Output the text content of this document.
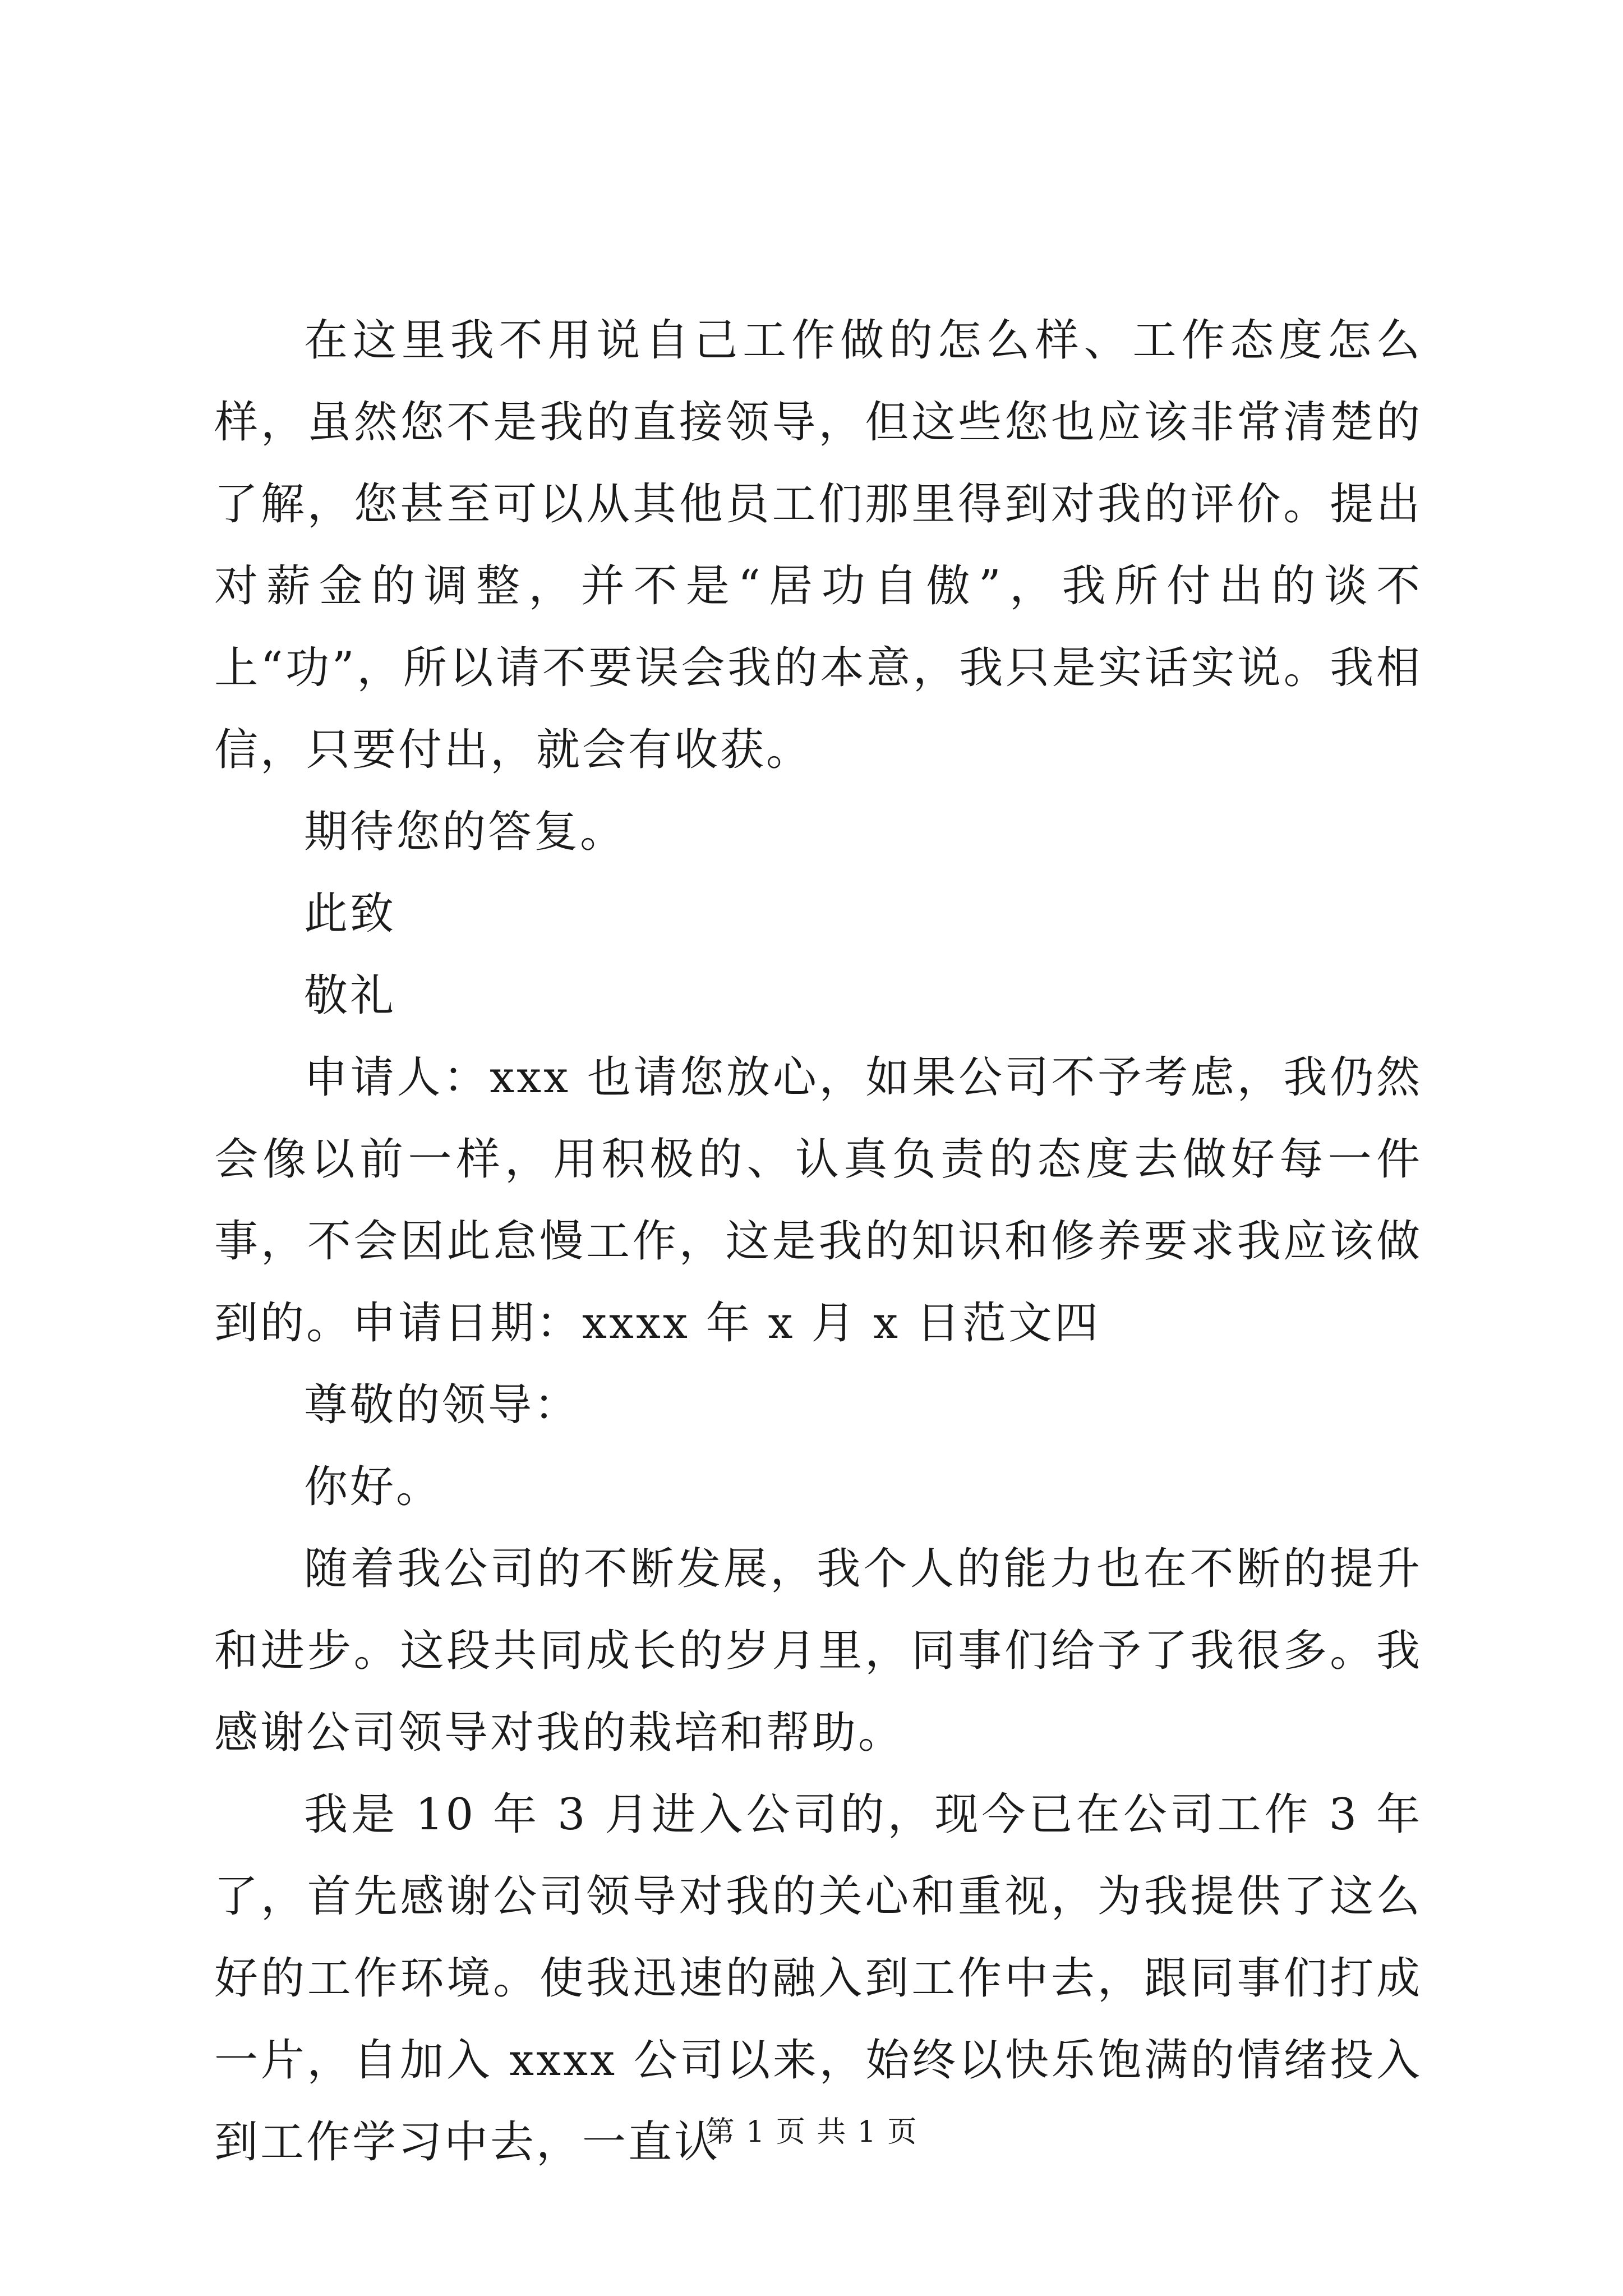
在这里我不用说自己工作做的怎么样、工作态度怎么样，虽然您不是我的直接领导，但这些您也应该非常清楚的了解，您甚至可以从其他员工们那里得到对我的评价。提出对薪金的调整，并不是“居功自傲”，我所付出的谈不上“功”，所以请不要误会我的本意，我只是实话实说。我相信，只要付出，就会有收获。

期待您的答复。

此致

敬礼

申请人：xxx 也请您放心，如果公司不予考虑，我仍然会像以前一样，用积极的、认真负责的态度去做好每一件事，不会因此怠慢工作，这是我的知识和修养要求我应该做到的。申请日期：xxxx 年 x 月 x 日范文四

尊敬的领导：

你好。

随着我公司的不断发展，我个人的能力也在不断的提升和进步。这段共同成长的岁月里，同事们给予了我很多。我感谢公司领导对我的栽培和帮助。

我是 10 年 3 月进入公司的，现今已在公司工作 3 年了，首先感谢公司领导对我的关心和重视，为我提供了这么好的工作环境。使我迅速的融入到工作中去，跟同事们打成一片，自加入 xxxx 公司以来，始终以快乐饱满的情绪投入到工作学习中去，一直认

第 1 页 共 1 页
